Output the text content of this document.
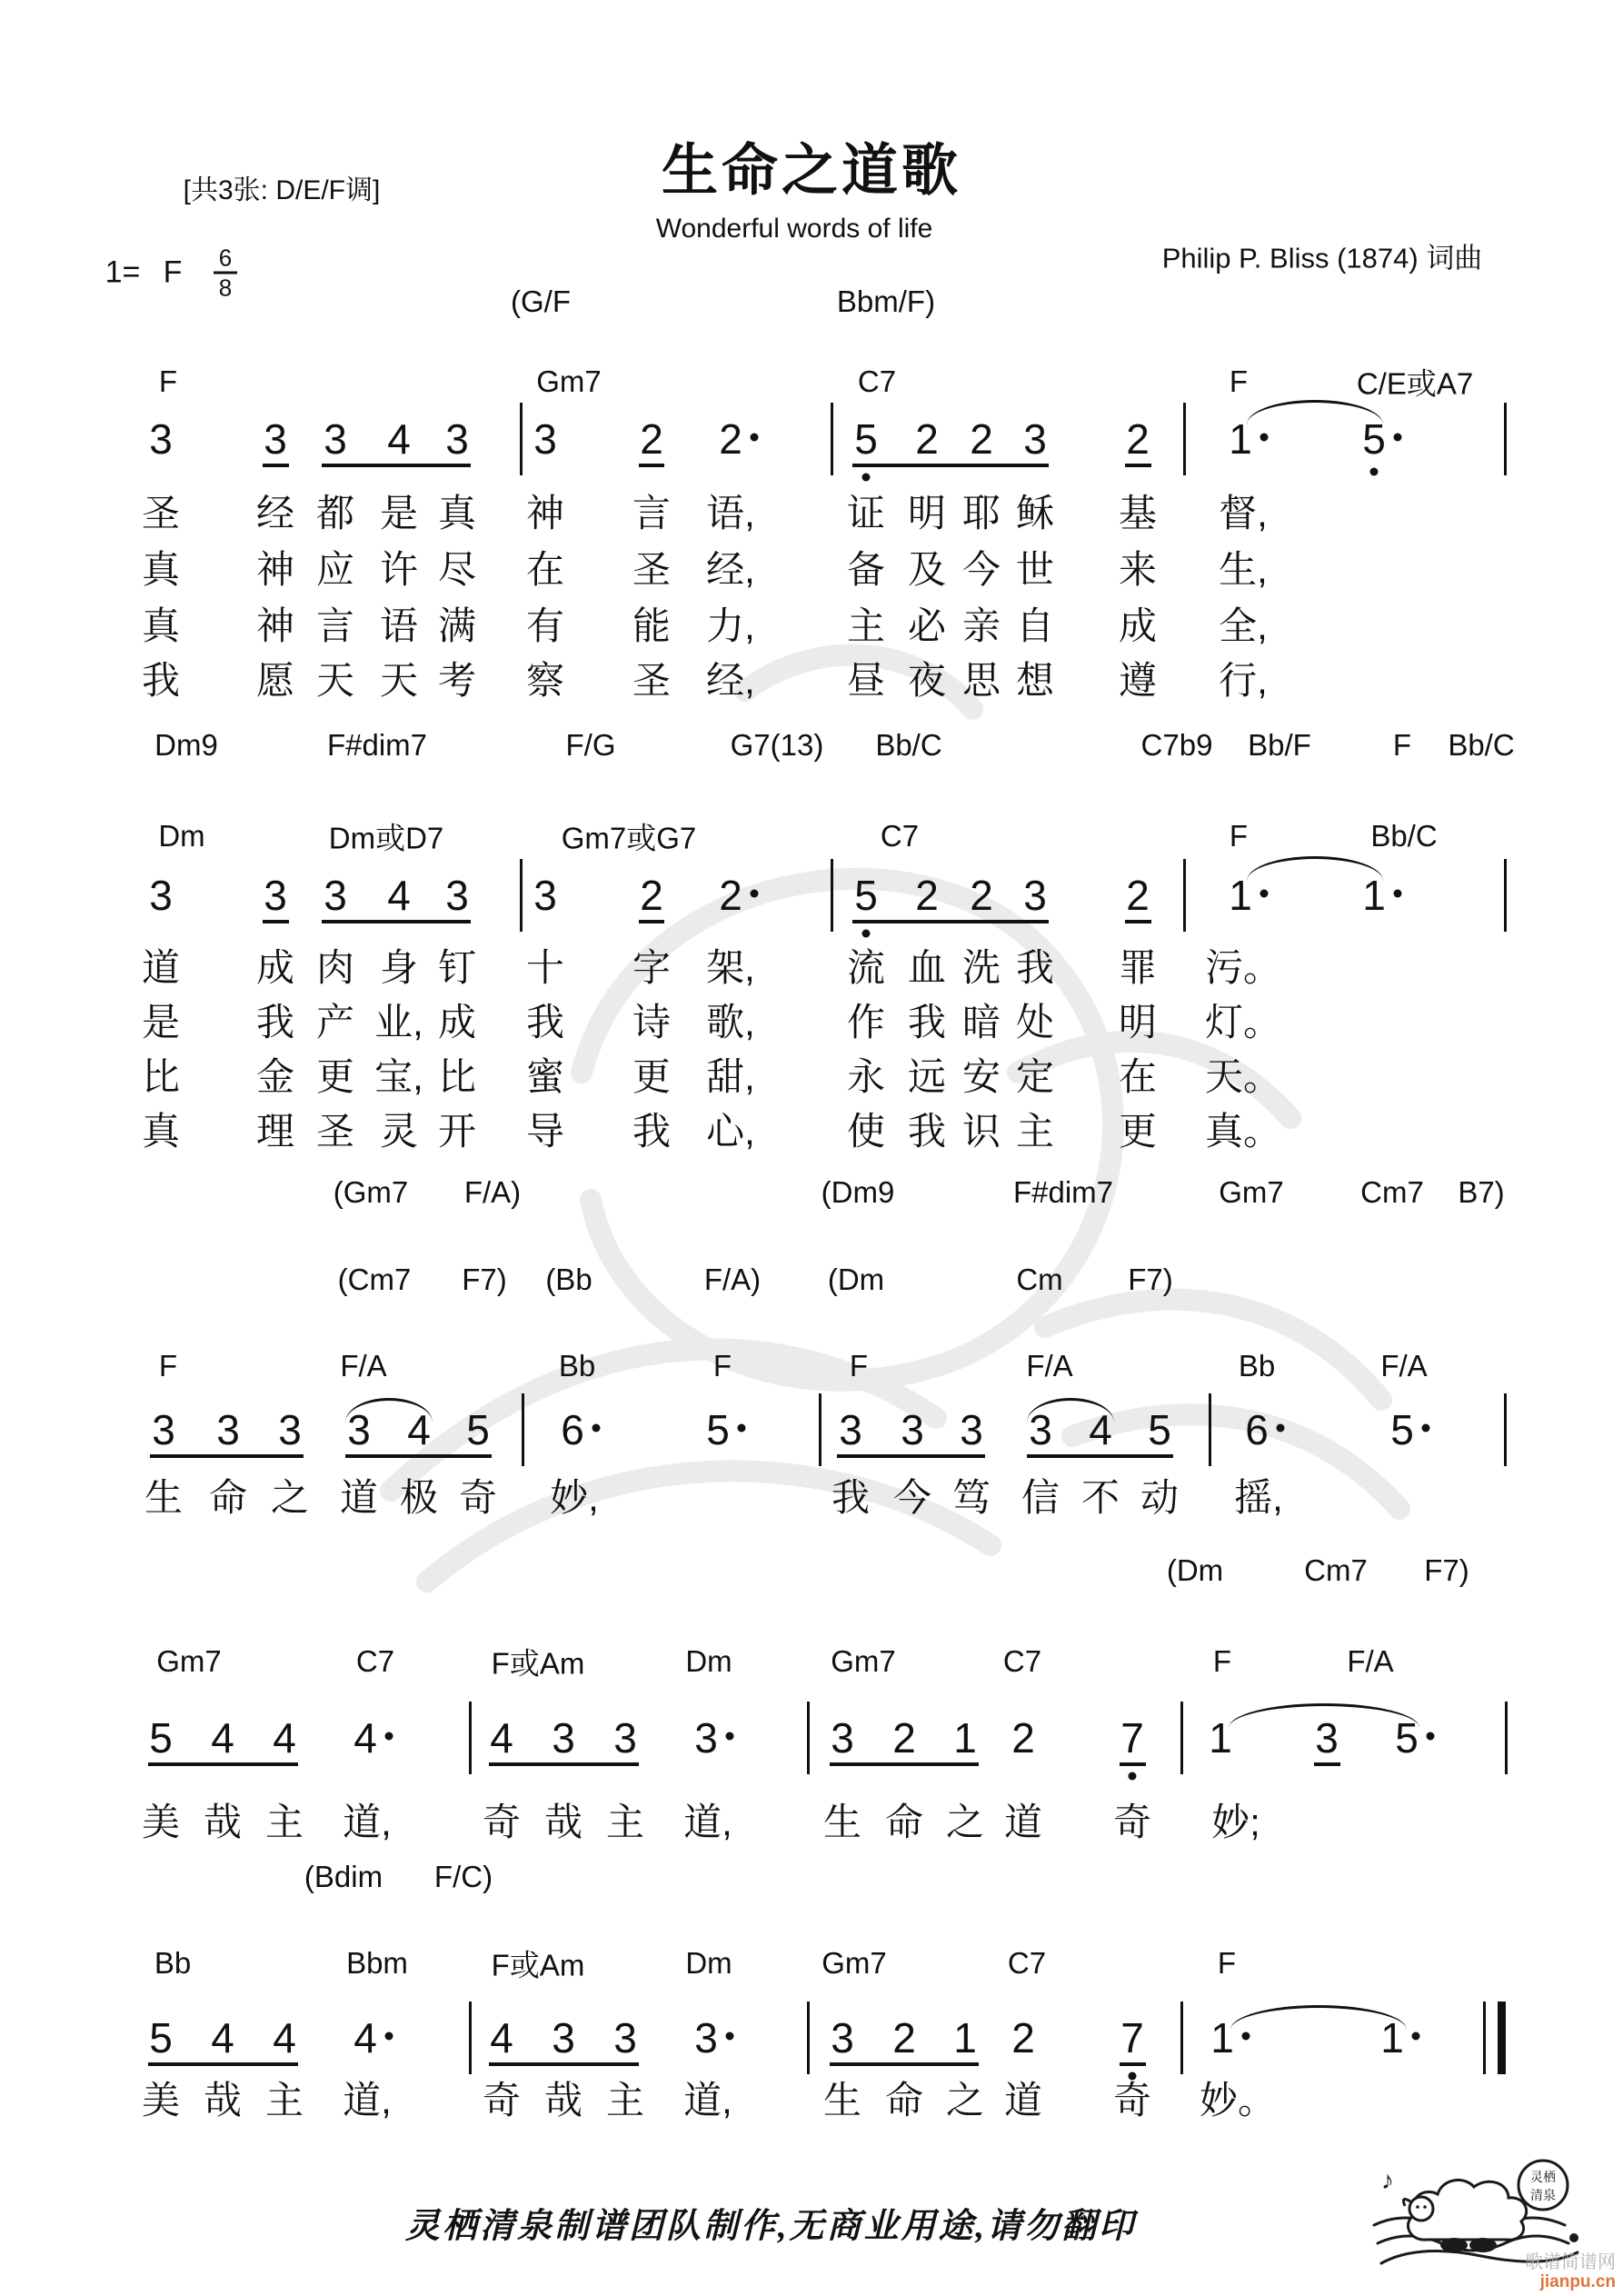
[共3张: D/E/F调]	生命之道歌
Wonderful words of life
Philip P. Bliss (1874) 词曲
1= F 6
8
F	Gm7	C7	F	C/E或A7
3 3 3 4 3 3 2 2	5 2 2 3 2 1	5
圣 经 都 是 真 神 言 语, 证 明 耶 稣 基 督,
真 神 应 许 尽 在 圣 经, 备 及 今 世 来 生,
真 神 言 语 满 有 能 力, 主 必 亲 自 成 全,
我 愿 天 天 考 察 圣 经, 昼 夜 思 想 遵 行,
Dm9	F#dim7	F/G	G7(13) Bb/C	C7b9 Bb/F	F Bb/C
Dm	Dm或D7	Gm7或G7	C7	F	Bb/C
3 3 3 4 3 3 2 2	5 2 2 3 2 1	1
道 成 肉 身 钉 十 字 架, 流 血 洗 我 罪 污。
是 我 产 业, 成 我 诗 歌, 作 我 暗 处 明 灯。
比 金 更 宝, 比 蜜 更 甜, 永 远 安 定 在 天。
真 理 圣 灵 开 导 我 心, 使 我 识 主 更 真。
(Gm7 F/A)	(Dm9	F#dim7	Gm7	Cm7 B7)
(Cm7 F7) (Bb	F/A) (Dm	Cm F7)
F	F/A	Bb	F	F	F/A	Bb	F/A
3 3 3 3 4 5 6	5	3 3 3 3 4 5 6	5
生 命 之 道 极 奇 妙,	我 今 笃 信 不 动 摇,
(Dm	Cm7 F7)
Gm7	C7	F或Am	Dm	Gm7	C7	F	F/A
5 4 4 4	4 3 3 3	3 2 1 2 7 1 3 5
美 哉 主 道, 奇 哉 主 道, 生 命 之 道 奇 妙;
(Bdim F/C)
Bb	Bbm	F或Am	Dm	Gm7	C7	F
5 4 4 4	4 3 3 3	3 2 1 2 7 1	1
美 哉 主 道, 奇 哉 主 道, 生 命 之 道 奇 妙。
(G/F	Bbm/F)
灵栖清泉制谱团队制作,无商业用途,请勿翻印
灵栖
清泉
♪
歌谱简谱网
jianpu.cn
